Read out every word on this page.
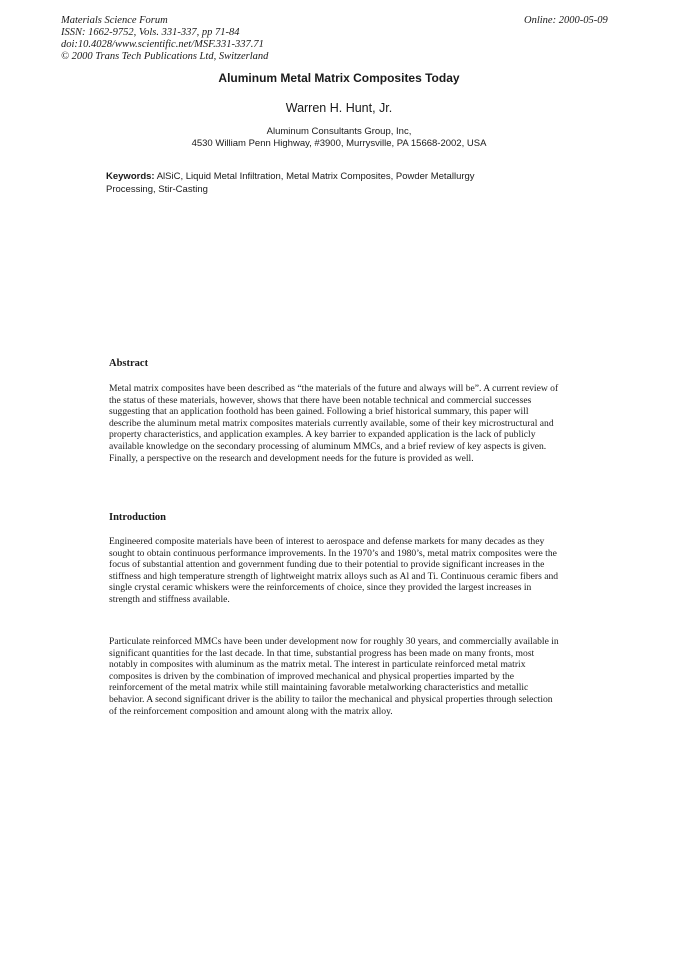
Materials Science Forum
ISSN: 1662-9752, Vols. 331-337, pp 71-84
doi:10.4028/www.scientific.net/MSF.331-337.71
© 2000 Trans Tech Publications Ltd, Switzerland
Online: 2000-05-09
Aluminum Metal Matrix Composites Today
Warren H. Hunt, Jr.
Aluminum Consultants Group, Inc,
4530 William Penn Highway, #3900, Murrysville, PA 15668-2002, USA
Keywords: AlSiC, Liquid Metal Infiltration, Metal Matrix Composites, Powder Metallurgy Processing, Stir-Casting
Abstract

Metal matrix composites have been described as “the materials of the future and always will be”. A current review of the status of these materials, however, shows that there have been notable technical and commercial successes suggesting that an application foothold has been gained. Following a brief historical summary, this paper will describe the aluminum metal matrix composites materials currently available, some of their key microstructural and property characteristics, and application examples. A key barrier to expanded application is the lack of publicly available knowledge on the secondary processing of aluminum MMCs, and a brief review of key aspects is given. Finally, a perspective on the research and development needs for the future is provided as well.

Introduction

Engineered composite materials have been of interest to aerospace and defense markets for many decades as they sought to obtain continuous performance improvements. In the 1970’s and 1980’s, metal matrix composites were the focus of substantial attention and government funding due to their potential to provide significant increases in the stiffness and high temperature strength of lightweight matrix alloys such as Al and Ti. Continuous ceramic fibers and single crystal ceramic whiskers were the reinforcements of choice, since they provided the largest increases in strength and stiffness available.

Particulate reinforced MMCs have been under development now for roughly 30 years, and commercially available in significant quantities for the last decade. In that time, substantial progress has been made on many fronts, most notably in composites with aluminum as the matrix metal. The interest in particulate reinforced metal matrix composites is driven by the combination of improved mechanical and physical properties imparted by the reinforcement of the metal matrix while still maintaining favorable metalworking characteristics and metallic behavior. A second significant driver is the ability to tailor the mechanical and physical properties through selection of the reinforcement composition and amount along with the matrix alloy.
